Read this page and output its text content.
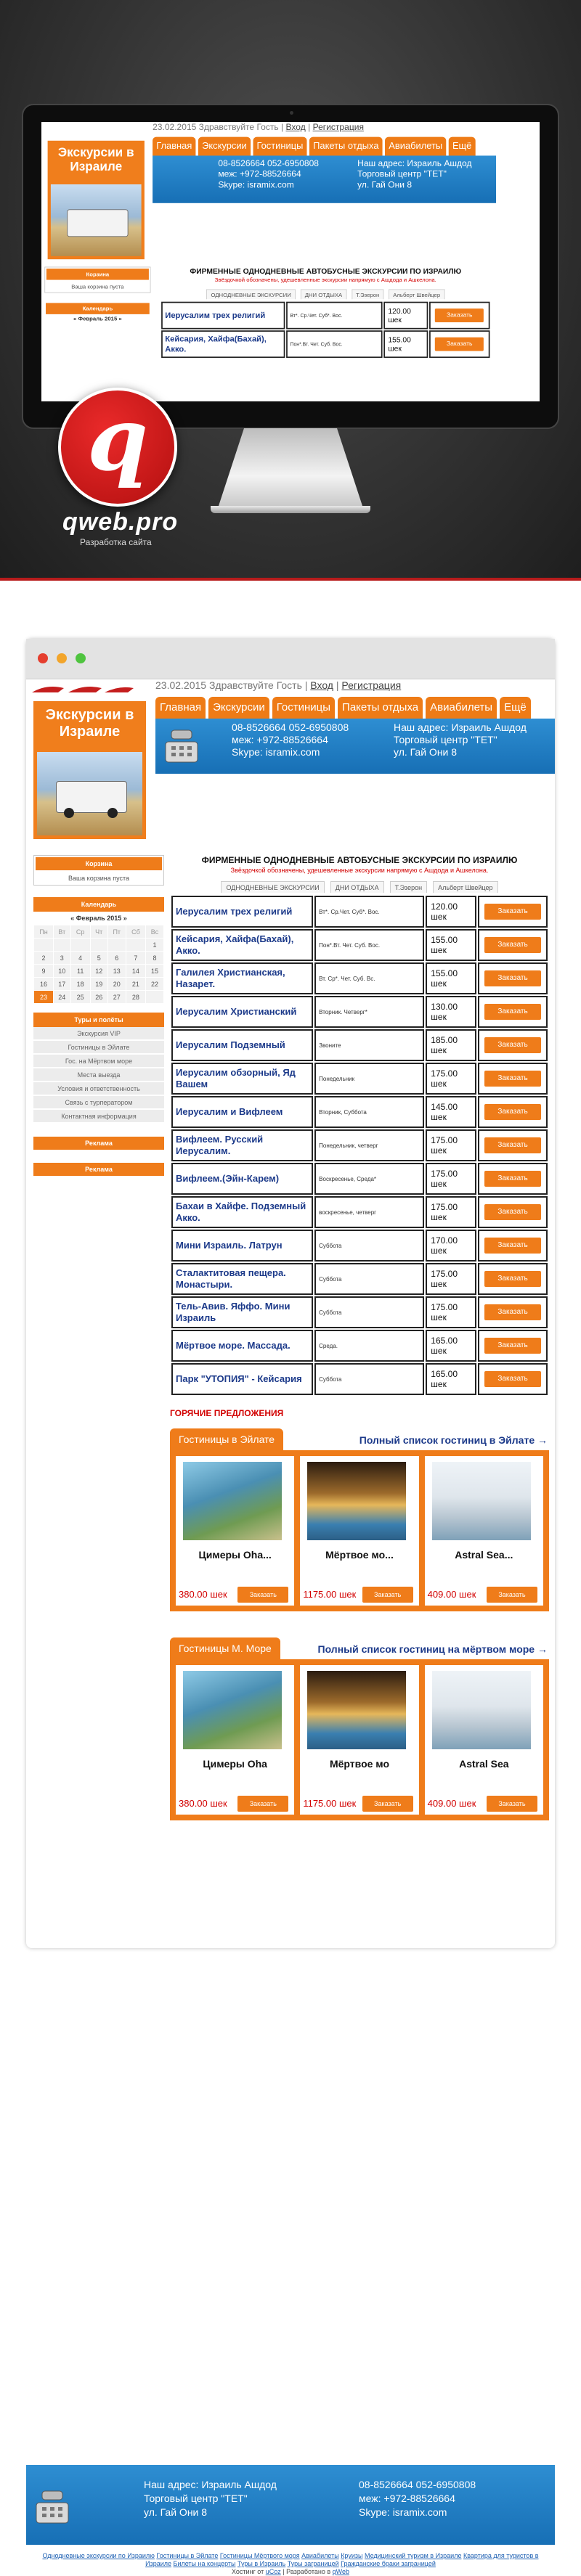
Экскурсии в Израиле
23.02.2015 Здравствуйте Гость | Вход | Регистрация
Главная Экскурсии Гостиницы Пакеты отдыха Авиабилеты Ещё
08-8526664 052-6950808
меж: +972-88526664
Skype: isramix.com
Наш адрес: Израиль Ашдод
Торговый центр "ТЕТ"
ул. Гай Они 8
Корзина
Ваша корзина пуста
Календарь
« Февраль 2015 »
ФИРМЕННЫЕ ОДНОДНЕВНЫЕ АВТОБУСНЫЕ ЭКСКУРСИИ ПО ИЗРАИЛЮ
Звёздочкой обозначены, удешевленные экскурсии напрямую с Ашдода и Ашкелона.
ОДНОДНЕВНЫЕ ЭКСКУРСИИ	ДНИ ОТДЫХА	Т.Эзерон	Альберт Швейцер
Иерусалим трех религий	Вт*. Ср.Чет. Суб*. Вос.	120.00 шек	Заказать
Кейсария, Хайфа(Бахай), Акко.	Пон*.Вт. Чет. Суб. Вос.	155.00 шек	Заказать
q
qweb.pro
Разработка сайта
Экскурсии в Израиле
23.02.2015 Здравствуйте Гость | Вход | Регистрация
Главная	Экскурсии	Гостиницы	Пакеты отдыха	Авиабилеты	Ещё
08-8526664 052-6950808
меж: +972-88526664
Skype: isramix.com
Наш адрес: Израиль Ашдод
Торговый центр "ТЕТ"
ул. Гай Они 8
Корзина
Ваша корзина пуста
Календарь
« Февраль 2015 »
Пн	Вт	Ср	Чт	Пт	Сб	Вс
						1
2	3	4	5	6	7	8
9	10	11	12	13	14	15
16	17	18	19	20	21	22
23	24	25	26	27	28	
Туры и полёты
Экскурсия VIP
Гостиницы в Эйлате
Гос. на Мёртвом море
Места выезда
Условия и ответственность
Связь с турператором
Контактная информация
Реклама
Реклама
ФИРМЕННЫЕ ОДНОДНЕВНЫЕ АВТОБУСНЫЕ ЭКСКУРСИИ ПО ИЗРАИЛЮ
Звёздочкой обозначены, удешевленные экскурсии напрямую с Ашдода и Ашкелона.
ОДНОДНЕВНЫЕ ЭКСКУРСИИ	ДНИ ОТДЫХА	Т.Эзерон	Альберт Швейцер
Иерусалим трех религий	Вт*. Ср.Чет. Суб*. Вос.	120.00 шек	Заказать
Кейсария, Хайфа(Бахай), Акко.	Пон*.Вт. Чет. Суб. Вос.	155.00 шек	Заказать
Галилея Христианская, Назарет.	Вт. Ср*. Чет. Суб. Вс.	155.00 шек	Заказать
Иерусалим Христианский	Вторник. Четверг*	130.00 шек	Заказать
Иерусалим Подземный	Звоните	185.00 шек	Заказать
Иерусалим обзорный, Яд Вашем	Понедельник	175.00 шек	Заказать
Иерусалим и Вифлеем	Вторник, Суббота	145.00 шек	Заказать
Вифлеем. Русский Иерусалим.	Понедельник, четверг	175.00 шек	Заказать
Вифлеем.(Эйн-Карем)	Воскресенье, Среда*	175.00 шек	Заказать
Бахаи в Хайфе. Подземный Акко.	воскресенье, четверг	175.00 шек	Заказать
Мини Израиль. Латрун	Суббота	170.00 шек	Заказать
Сталактитовая пещера. Монастыри.	Суббота	175.00 шек	Заказать
Тель-Авив. Яффо. Мини Израиль	Суббота	175.00 шек	Заказать
Мёртвое море. Массада.	Среда.	165.00 шек	Заказать
Парк "УТОПИЯ" - Кейсария	Суббота	165.00 шек	Заказать
ГОРЯЧИЕ ПРЕДЛОЖЕНИЯ
Гостиницы в Эйлате	Полный список гостиниц в Эйлате →
Цимеры Оha...
380.00 шек	Заказать
Мёртвое мо...
1175.00 шек	Заказать
Astral Sea...
409.00 шек	Заказать
Гостиницы М. Море	Полный список гостиниц на мёртвом море →
Цимеры Oha
380.00 шек	Заказать
Мёртвое мо
1175.00 шек	Заказать
Astral Sea
409.00 шек	Заказать
Наш адрес: Израиль Ашдод
Торговый центр "ТЕТ"
ул. Гай Они 8
08-8526664 052-6950808
меж: +972-88526664
Skype: isramix.com
Однодневные экскурсии по Израилю Гостиницы в Эйлате Гостиницы Мёртвого моря Авиабилеты Круизы Медицинский туризм в Израиле Квартира для туристов в Израиле Билеты на концерты Туры в Израиль Туры заграницей Гражданские браки заграницей
Хостинг от uCoz | Разработано в qWeb
